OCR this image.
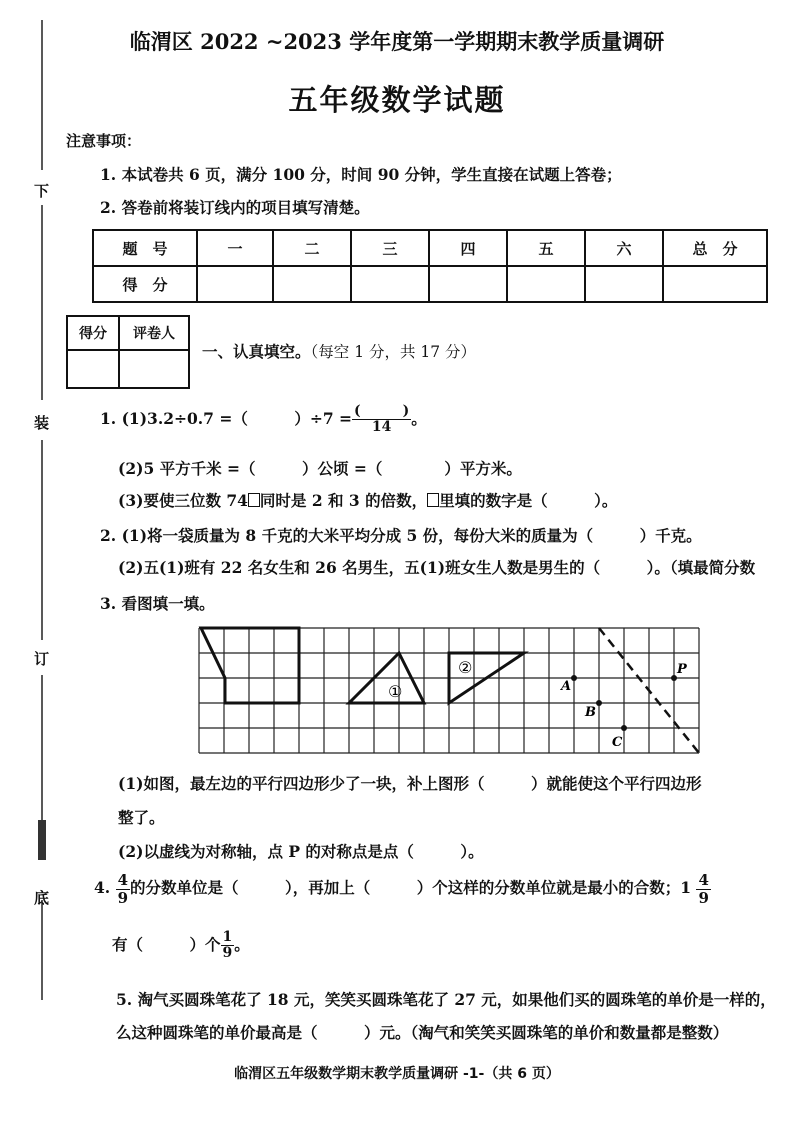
下
装
订
底
临渭区 2022 ~2023 学年度第一学期期末教学质量调研
五年级数学试题
注意事项：
1. 本试卷共 6 页，满分 100 分，时间 90 分钟，学生直接在试题上答卷；
2. 答卷前将装订线内的项目填写清楚。
题　号	一	二	三	四	五	六	总　分
得　分							
得分	评卷人

一、认真填空。（每空 1 分，共 17 分）
1. (1)3.2÷0.7 =（　　　）$\div 7 = \frac{( )}{14}$ 。
(2)5 平方千米 =（　　　）公顷 =（　　　　）平方米。
(3)要使三位数 74 同时是 2 和 3 的倍数， 里填的数字是（　　　）。
2. (1)将一袋质量为 8 千克的大米平均分成 5 份，每份大米的质量为（　　　）千克。
(2)五(1)班有 22 名女生和 26 名男生，五(1)班女生人数是男生的（　　　）。（填最简分数
3. 看图填一填。
①
②
A
B
C
P
(1)如图，最左边的平行四边形少了一块，补上图形（　　　）就能使这个平行四边形
整了。
(2)以虚线为对称轴，点 P 的对称点是点（　　　）。
4. $\frac{4}{9}$ 的分数单位是（　　　），再加上（　　　）个这样的分数单位就是最小的合数；$1 \frac{4}{9}$
有（　　　）个 $\frac{1}{9}$ 。
5. 淘气买圆珠笔花了 18 元，笑笑买圆珠笔花了 27 元，如果他们买的圆珠笔的单价是一样的，
么这种圆珠笔的单价最高是（　　　）元。（淘气和笑笑买圆珠笔的单价和数量都是整数）
临渭区五年级数学期末教学质量调研 -1-（共 6 页）
